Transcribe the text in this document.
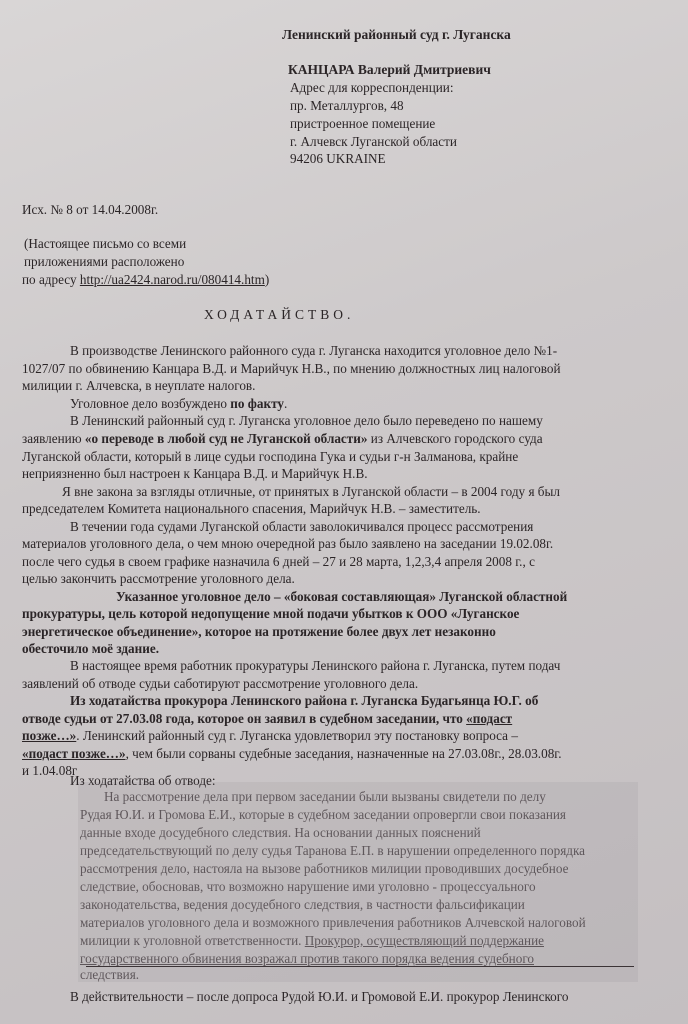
Ленинский районный суд г. Луганска
КАНЦАРА Валерий Дмитриевич
Адрес для корреспонденции:
пр. Металлургов, 48
пристроенное помещение
г. Алчевск Луганской области
94206 UKRAINE
Исх. № 8 от 14.04.2008г.
(Настоящее письмо со всеми
приложениями расположено
по адресу http://ua2424.narod.ru/080414.htm)
ХОДАТАЙСТВО.
В производстве Ленинского районного суда г. Луганска находится уголовное дело №1-
1027/07 по обвинению Канцара В.Д. и Марийчук Н.В., по мнению должностных лиц налоговой
милиции г. Алчевска, в неуплате налогов.
Уголовное дело возбуждено по факту.
В Ленинский районный суд г. Луганска уголовное дело было переведено по нашему
заявлению «о переводе в любой суд не Луганской области» из Алчевского городского суда
Луганской области, который в лице судьи господина Гука и судьи г-н Залманова, крайне
неприязненно был настроен к Канцара В.Д. и Марийчук Н.В.
Я вне закона за взгляды отличные, от принятых в Луганской области – в 2004 году я был
председателем Комитета национального спасения, Марийчук Н.В. – заместитель.
В течении года судами Луганской области заволокичивался процесс рассмотрения
материалов уголовного дела, о чем мною очередной раз было заявлено на заседании 19.02.08г.
после чего судья в своем графике назначила 6 дней – 27 и 28 марта, 1,2,3,4 апреля 2008 г., с
целью закончить рассмотрение уголовного дела.
Указанное уголовное дело – «боковая составляющая» Луганской областной
прокуратуры, цель которой недопущение мной подачи убытков к ООО «Луганское
энергетическое объединение», которое на протяжение более двух лет незаконно
обесточило моё здание.
В настоящее время работник прокуратуры Ленинского района г. Луганска, путем подач
заявлений об отводе судьи саботируют рассмотрение уголовного дела.
Из ходатайства прокурора Ленинского района г. Луганска Будагьянца Ю.Г. об
отводе судьи от 27.03.08 года, которое он заявил в судебном заседании, что «подаст
позже…». Ленинский районный суд г. Луганска удовлетворил эту постановку вопроса –
«подаст позже…», чем были сорваны судебные заседания, назначенные на 27.03.08г., 28.03.08г.
и 1.04.08г
Из ходатайства об отводе:
На рассмотрение дела при первом заседании были вызваны свидетели по делу
Рудая Ю.И. и Громова Е.И., которые в судебном заседании опровергли свои показания
данные входе досудебного следствия. На основании данных пояснений
председательствующий по делу судья Таранова Е.П. в нарушении определенного порядка
рассмотрения дело, настояла на вызове работников милиции проводивших досудебное
следствие, обосновав, что возможно нарушение ими уголовно - процессуального
законодательства, ведения досудебного следствия, в частности фальсификации
материалов уголовного дела и возможного привлечения работников Алчевской налоговой
милиции к уголовной ответственности. Прокурор, осуществляющий поддержание
государственного обвинения возражал против такого порядка ведения судебного
следствия.
В действительности – после допроса Рудой Ю.И. и Громовой Е.И. прокурор Ленинского
